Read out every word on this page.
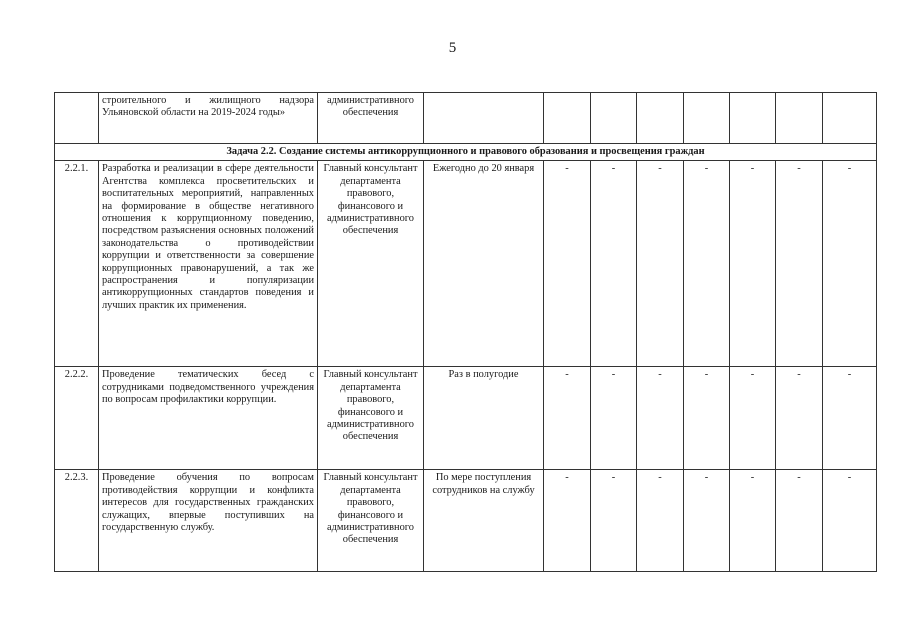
5
	строительного и жилищного надзора Ульяновской области на 2019-2024 годы»	административного обеспечения								
Задача 2.2. Создание системы антикоррупционного и правового образования и просвещения граждан										
2.2.1.	Разработка и реализации в сфере деятельности Агентства комплекса просветительских и воспитательных мероприятий, направленных на формирование в обществе негативного отношения к коррупционному поведению, посредством разъяснения основных положений законодательства о противодействии коррупции и ответственности за совершение коррупционных правонарушений, а так же распространения и популяризации антикоррупционных стандартов поведения и лучших практик их применения.	Главный консультант департамента правового, финансового и административного обеспечения	Ежегодно до 20 января	-	-	-	-	-	-	-
2.2.2.	Проведение тематических бесед с сотрудниками подведомственного учреждения по вопросам профилактики коррупции.	Главный консультант департамента правового, финансового и административного обеспечения	Раз в полугодие	-	-	-	-	-	-	-
2.2.3.	Проведение обучения по вопросам противодействия коррупции и конфликта интересов для государственных гражданских служащих, впервые поступивших на государственную службу.	Главный консультант департамента правового, финансового и административного обеспечения	По мере поступления сотрудников на службу	-	-	-	-	-	-	-
